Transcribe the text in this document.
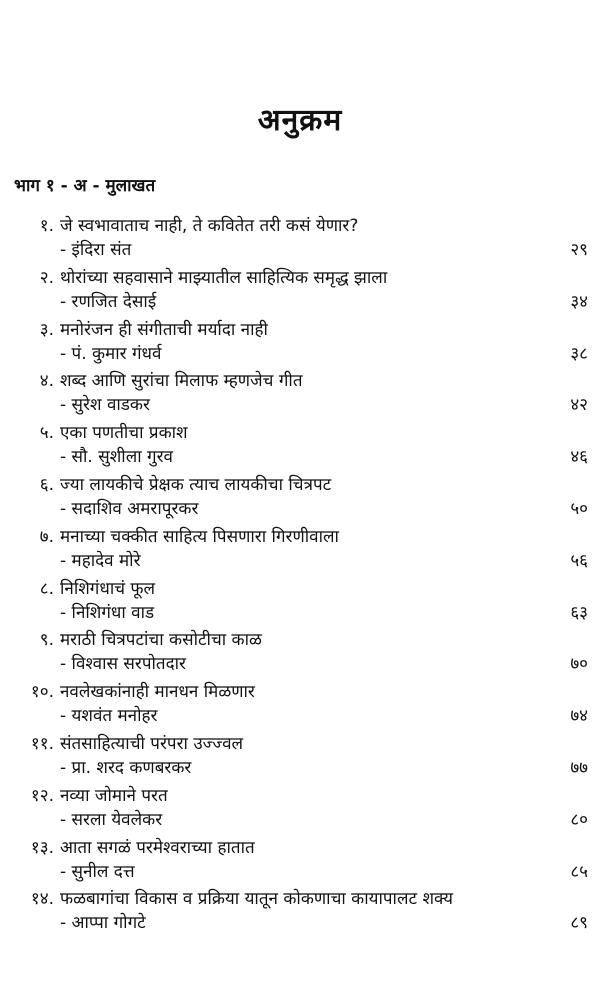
अनुक्रम
भाग १ - अ - मुलाखत
१. जे स्वभावाताच नाही, ते कवितेत तरी कसं येणार?
- इंदिरा संत	२९
२. थोरांच्या सहवासाने माझ्यातील साहित्यिक समृद्ध झाला
- रणजित देसाई	३४
३. मनोरंजन ही संगीताची मर्यादा नाही
- पं. कुमार गंधर्व	३८
४. शब्द आणि सुरांचा मिलाफ म्हणजेच गीत
- सुरेश वाडकर	४२
५. एका पणतीचा प्रकाश
- सौ. सुशीला गुरव	४६
६. ज्या लायकीचे प्रेक्षक त्याच लायकीचा चित्रपट
- सदाशिव अमरापूरकर	५०
७. मनाच्या चक्कीत साहित्य पिसणारा गिरणीवाला
- महादेव मोरे	५६
८. निशिगंधाचं फूल
- निशिगंधा वाड	६३
९. मराठी चित्रपटांचा कसोटीचा काळ
- विश्वास सरपोतदार	७०
१०. नवलेखकांनाही मानधन मिळणार
- यशवंत मनोहर	७४
११. संतसाहित्याची परंपरा उज्ज्वल
- प्रा. शरद कणबरकर	७७
१२. नव्या जोमाने परत
- सरला येवलेकर	८०
१३. आता सगळं परमेश्वराच्या हातात
- सुनील दत्त	८५
१४. फळबागांचा विकास व प्रक्रिया यातून कोकणाचा कायापालट शक्य
- आप्पा गोगटे	८९
